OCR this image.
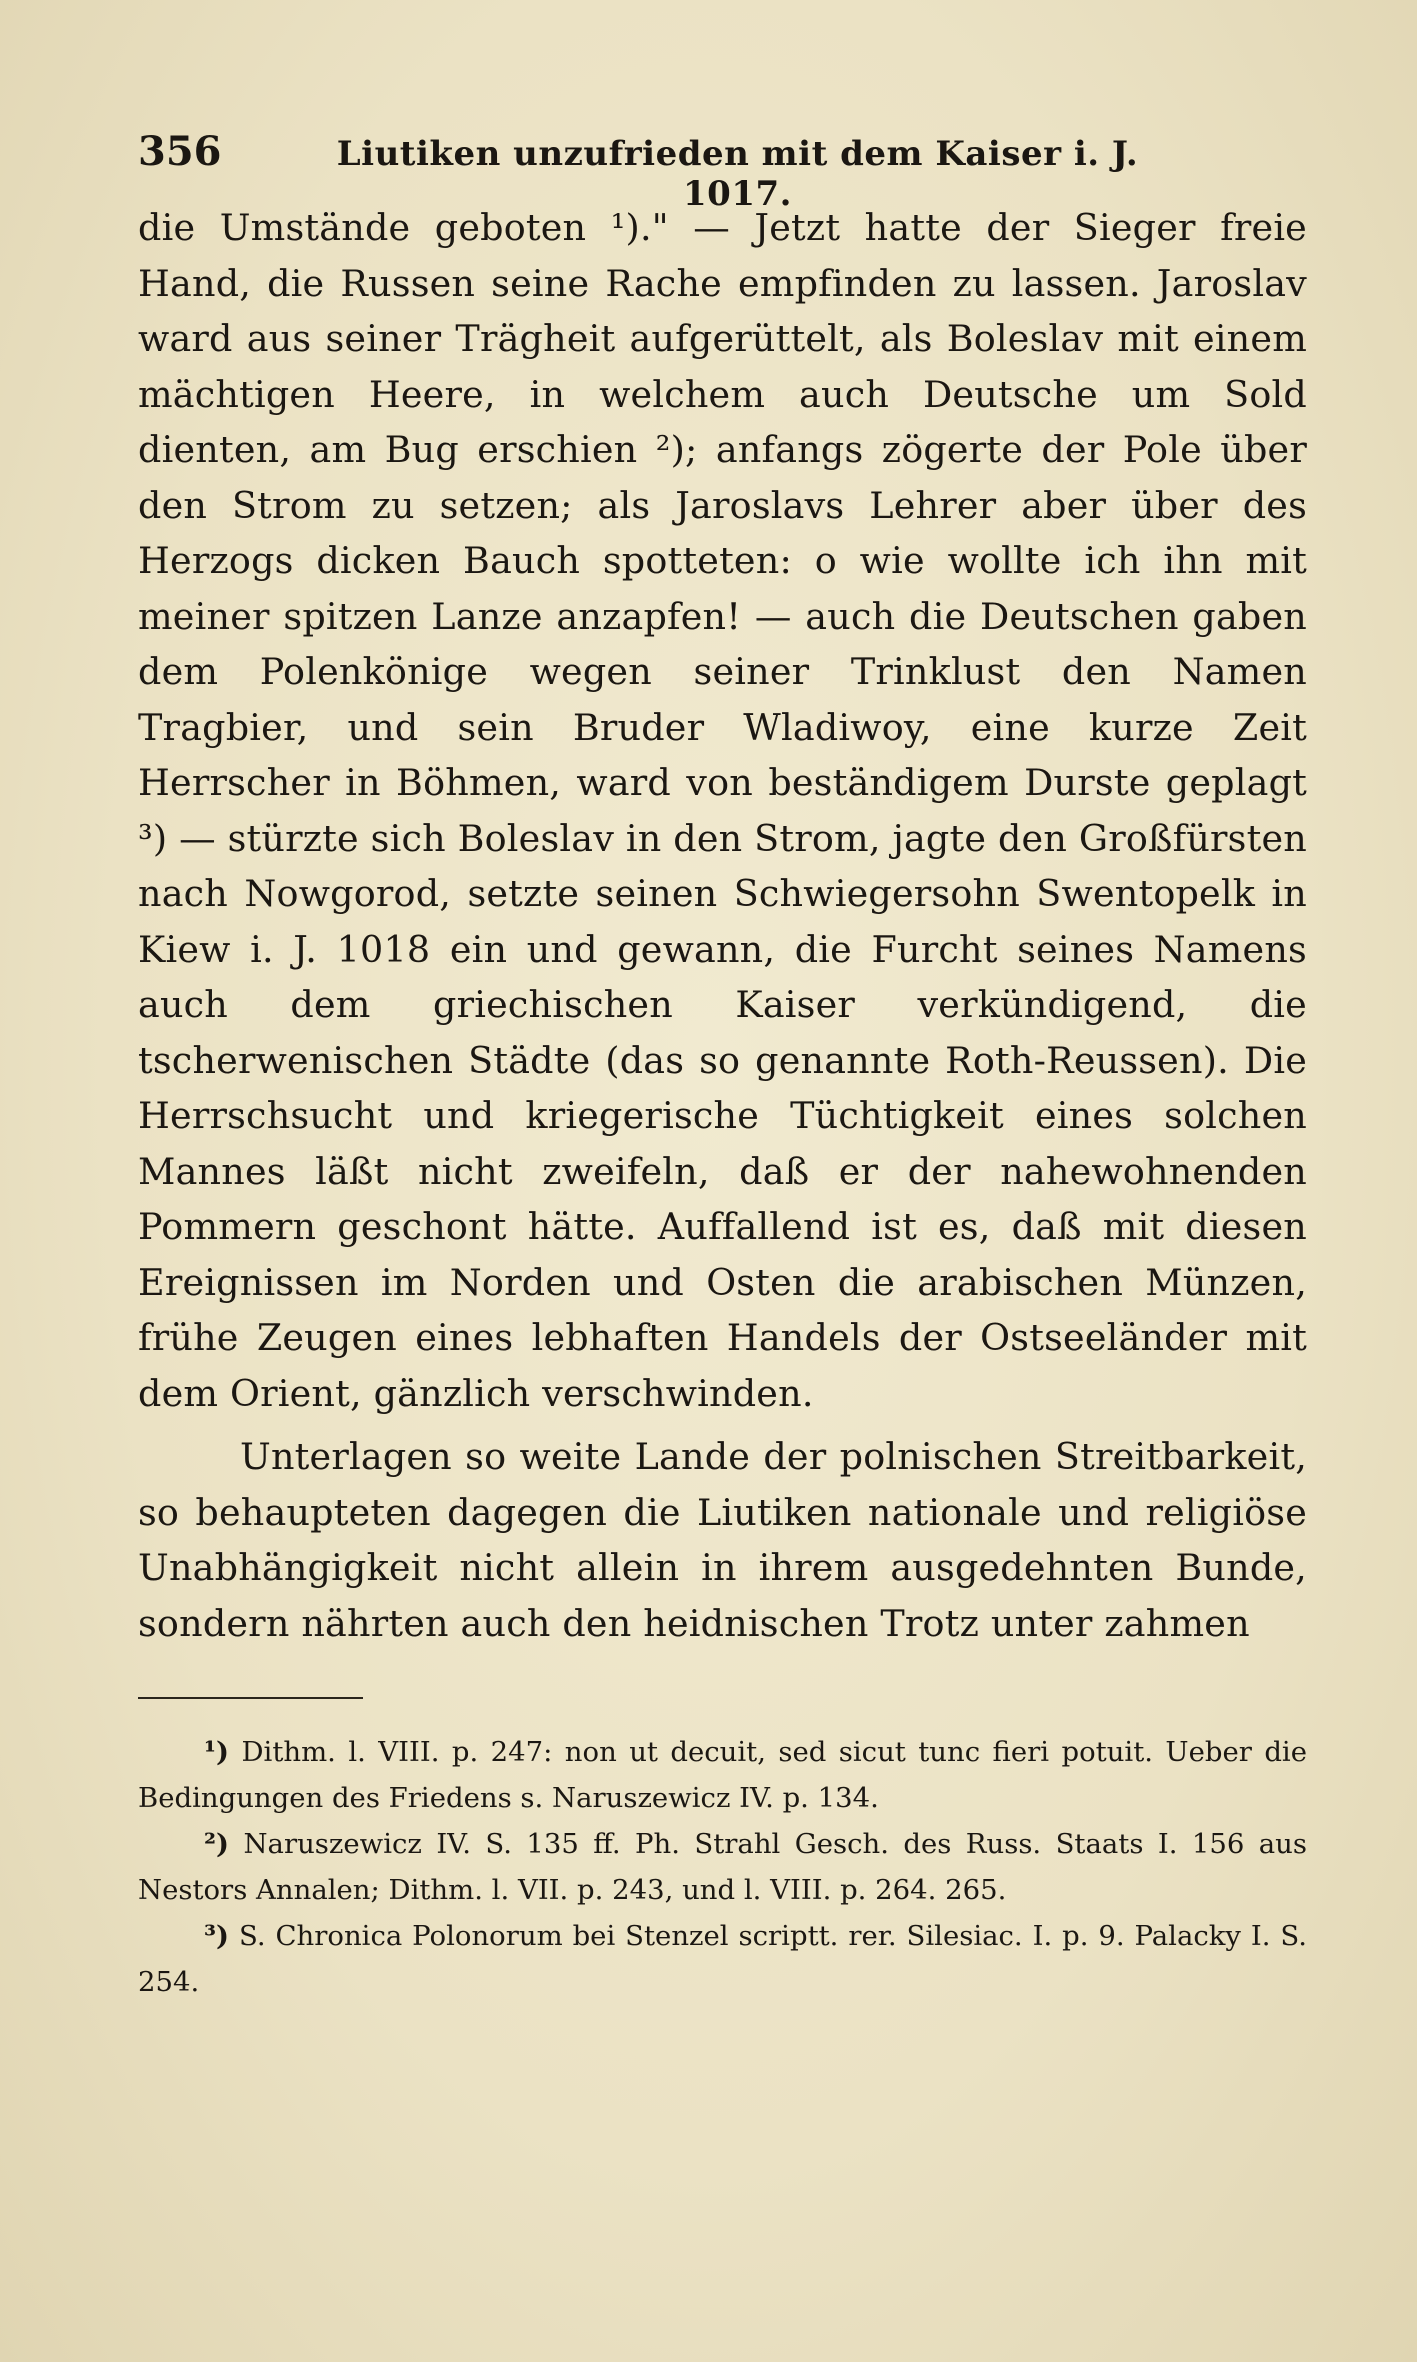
356	Liutiken unzufrieden mit dem Kaiser i. J. 1017.

die Umstände geboten ¹)." — Jetzt hatte der Sieger freie Hand, die Russen seine Rache empfinden zu lassen. Jaroslav ward aus seiner Trägheit aufgerüttelt, als Boleslav mit einem mächtigen Heere, in welchem auch Deutsche um Sold dienten, am Bug erschien ²); anfangs zögerte der Pole über den Strom zu setzen; als Jaroslavs Lehrer aber über des Herzogs dicken Bauch spotteten: o wie wollte ich ihn mit meiner spitzen Lanze anzapfen! — auch die Deutschen gaben dem Polenkönige wegen seiner Trinklust den Namen Tragbier, und sein Bruder Wladiwoy, eine kurze Zeit Herrscher in Böhmen, ward von beständigem Durste geplagt ³) — stürzte sich Boleslav in den Strom, jagte den Großfürsten nach Nowgorod, setzte seinen Schwiegersohn Swentopelk in Kiew i. J. 1018 ein und gewann, die Furcht seines Namens auch dem griechischen Kaiser verkündigend, die tscherwenischen Städte (das so genannte Roth-Reussen). Die Herrschsucht und kriegerische Tüchtigkeit eines solchen Mannes läßt nicht zweifeln, daß er der nahewohnenden Pommern geschont hätte. Auffallend ist es, daß mit diesen Ereignissen im Norden und Osten die arabischen Münzen, frühe Zeugen eines lebhaften Handels der Ostseeländer mit dem Orient, gänzlich verschwinden.

Unterlagen so weite Lande der polnischen Streitbarkeit, so behaupteten dagegen die Liutiken nationale und religiöse Unabhängigkeit nicht allein in ihrem ausgedehnten Bunde, sondern nährten auch den heidnischen Trotz unter zahmen

¹) Dithm. l. VIII. p. 247: non ut decuit, sed sicut tunc fieri potuit. Ueber die Bedingungen des Friedens s. Naruszewicz IV. p. 134.

²) Naruszewicz IV. S. 135 ff. Ph. Strahl Gesch. des Russ. Staats I. 156 aus Nestors Annalen; Dithm. l. VII. p. 243, und l. VIII. p. 264. 265.

³) S. Chronica Polonorum bei Stenzel scriptt. rer. Silesiac. I. p. 9. Palacky I. S. 254.
